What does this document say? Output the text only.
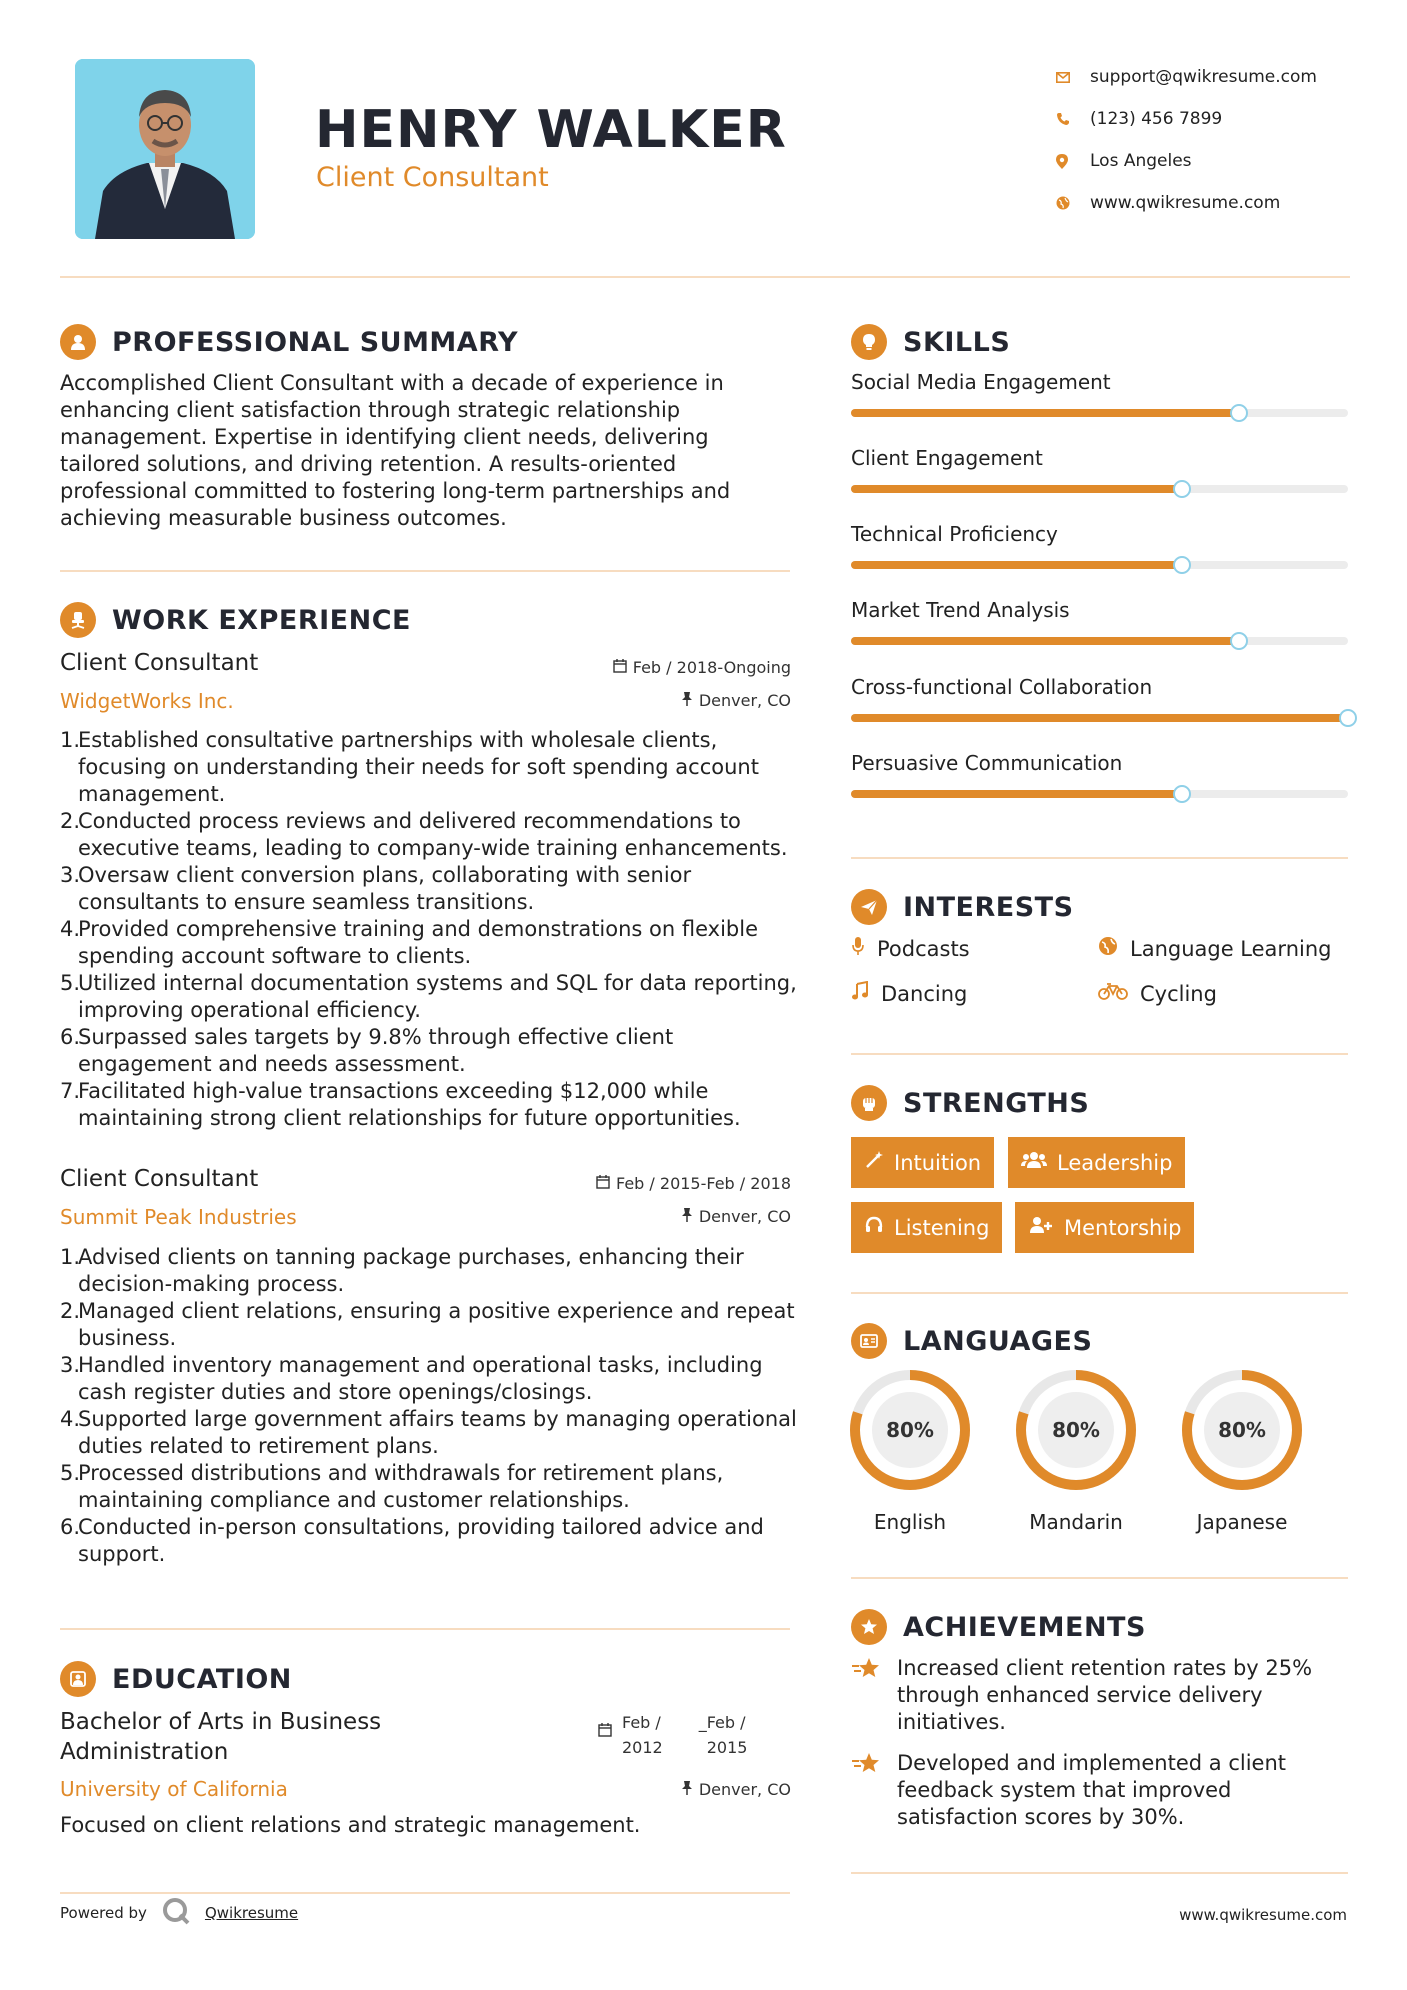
HENRY WALKER
Client Consultant
support@qwikresume.com
(123) 456 7899
Los Angeles
www.qwikresume.com
PROFESSIONAL SUMMARY
Accomplished Client Consultant with a decade of experience in enhancing client satisfaction through strategic relationship management. Expertise in identifying client needs, delivering tailored solutions, and driving retention. A results-oriented professional committed to fostering long-term partnerships and achieving measurable business outcomes.
WORK EXPERIENCE
Client Consultant
WidgetWorks Inc.
Feb / 2018-Ongoing
Denver, CO
1.
Established consultative partnerships with wholesale clients, focusing on understanding their needs for soft spending account management.
2.
Conducted process reviews and delivered recommendations to executive teams, leading to company-wide training enhancements.
3.
Oversaw client conversion plans, collaborating with senior consultants to ensure seamless transitions.
4.
Provided comprehensive training and demonstrations on flexible spending account software to clients.
5.
Utilized internal documentation systems and SQL for data reporting, improving operational efficiency.
6.
Surpassed sales targets by 9.8% through effective client engagement and needs assessment.
7.
Facilitated high-value transactions exceeding $12,000 while maintaining strong client relationships for future opportunities.
Client Consultant
Summit Peak Industries
Feb / 2015-Feb / 2018
Denver, CO
1.
Advised clients on tanning package purchases, enhancing their decision-making process.
2.
Managed client relations, ensuring a positive experience and repeat business.
3.
Handled inventory management and operational tasks, including cash register duties and store openings/closings.
4.
Supported large government affairs teams by managing operational duties related to retirement plans.
5.
Processed distributions and withdrawals for retirement plans, maintaining compliance and customer relationships.
6.
Conducted in-person consultations, providing tailored advice and support.
EDUCATION
Bachelor of Arts in Business
Administration
Feb /
2012
_Feb /
2015
University of California	Denver, CO
Focused on client relations and strategic management.
SKILLS
Social Media Engagement
Client Engagement
Technical Proficiency
Market Trend Analysis
Cross-functional Collaboration
Persuasive Communication
INTERESTS
Podcasts	Language Learning
Dancing	Cycling
STRENGTHS
Intuition	Leadership
Listening	Mentorship
LANGUAGES
80%
English
80%
Mandarin
80%
Japanese
ACHIEVEMENTS
Increased client retention rates by 25% through enhanced service delivery initiatives.
Developed and implemented a client feedback system that improved satisfaction scores by 30%.
Powered by	Qwikresume	www.qwikresume.com
